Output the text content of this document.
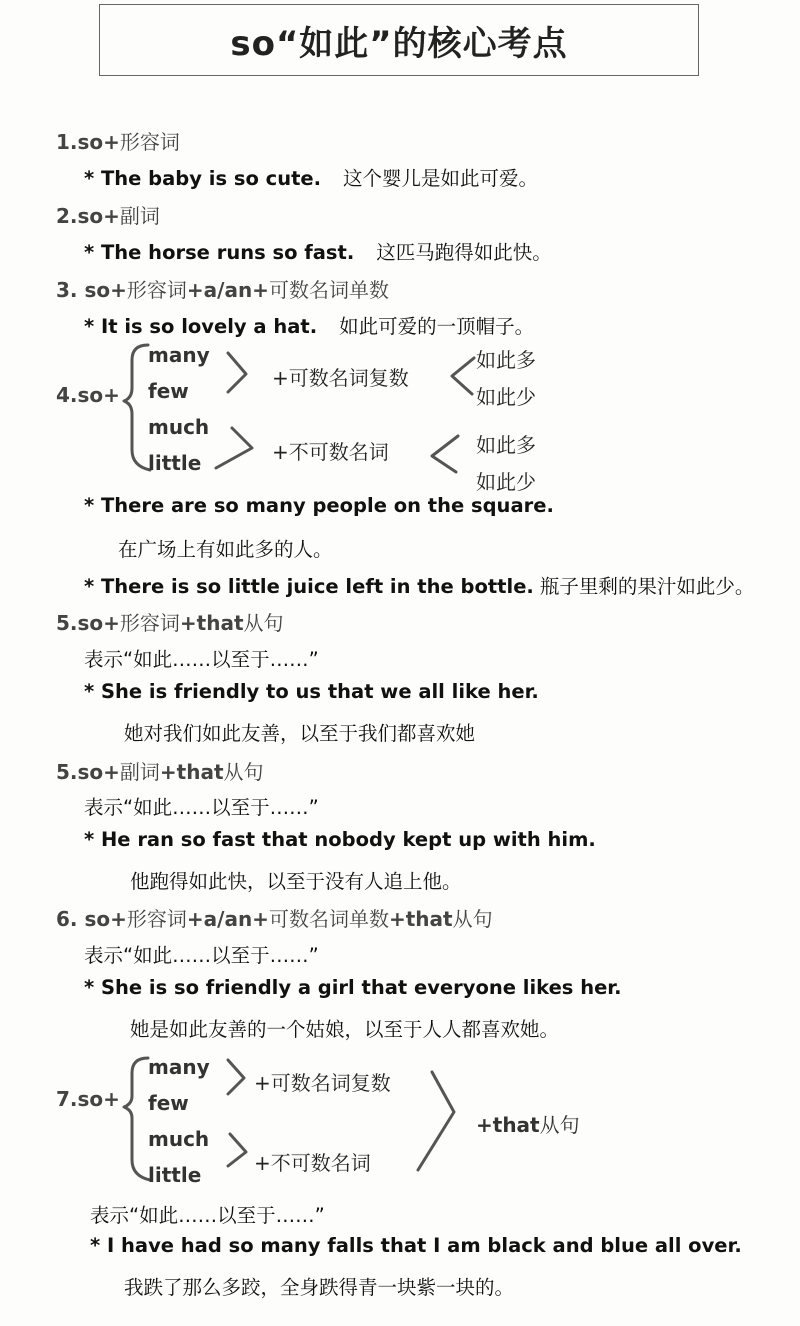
so“如此”的核心考点
1.so+形容词
* The baby is so cute. 这个婴儿是如此可爱。
2.so+副词
* The horse runs so fast. 这匹马跑得如此快。
3. so+形容词+a/an+可数名词单数
* It is so lovely a hat. 如此可爱的一顶帽子。
4.so+
many
few
much
little
+可数名词复数
+不可数名词
如此多
如此少
如此多
如此少
* There are so many people on the square.
在广场上有如此多的人。
* There is so little juice left in the bottle. 瓶子里剩的果汁如此少。
5.so+形容词+that从句
表示“如此……以至于……”
* She is friendly to us that we all like her.
她对我们如此友善，以至于我们都喜欢她
5.so+副词+that从句
表示“如此……以至于……”
* He ran so fast that nobody kept up with him.
他跑得如此快，以至于没有人追上他。
6. so+形容词+a/an+可数名词单数+that从句
表示“如此……以至于……”
* She is so friendly a girl that everyone likes her.
她是如此友善的一个姑娘，以至于人人都喜欢她。
7.so+
many
few
much
little
+可数名词复数
+不可数名词
+that从句
表示“如此……以至于……”
* I have had so many falls that I am black and blue all over.
我跌了那么多跤，全身跌得青一块紫一块的。
